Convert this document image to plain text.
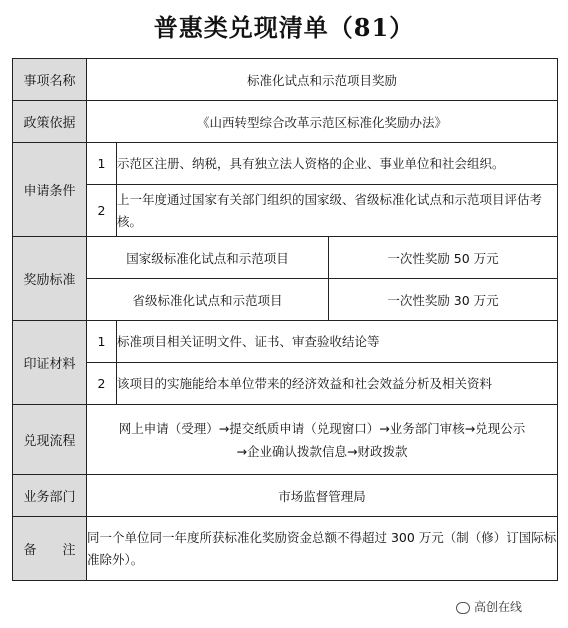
普惠类兑现清单（81）
事项名称	标准化试点和示范项目奖励		
政策依据	《山西转型综合改革示范区标准化奖励办法》		
申请条件	1	示范区注册、纳税，具有独立法人资格的企业、事业单位和社会组织。	
	2	上一年度通过国家有关部门组织的国家级、省级标准化试点和示范项目评估考核。	
奖励标准	国家级标准化试点和示范项目		一次性奖励 50 万元
	省级标准化试点和示范项目		一次性奖励 30 万元
印证材料	1	标准项目相关证明文件、证书、审查验收结论等	
	2	该项目的实施能给本单位带来的经济效益和社会效益分析及相关资料	
兑现流程	网上申请（受理）→提交纸质申请（兑现窗口）→业务部门审核→兑现公示
→企业确认拨款信息→财政拨款		

业务部门	市场监督管理局		
备　　注	同一个单位同一年度所获标准化奖励资金总额不得超过 300 万元（制（修）订国际标准除外）。		
高创在线
